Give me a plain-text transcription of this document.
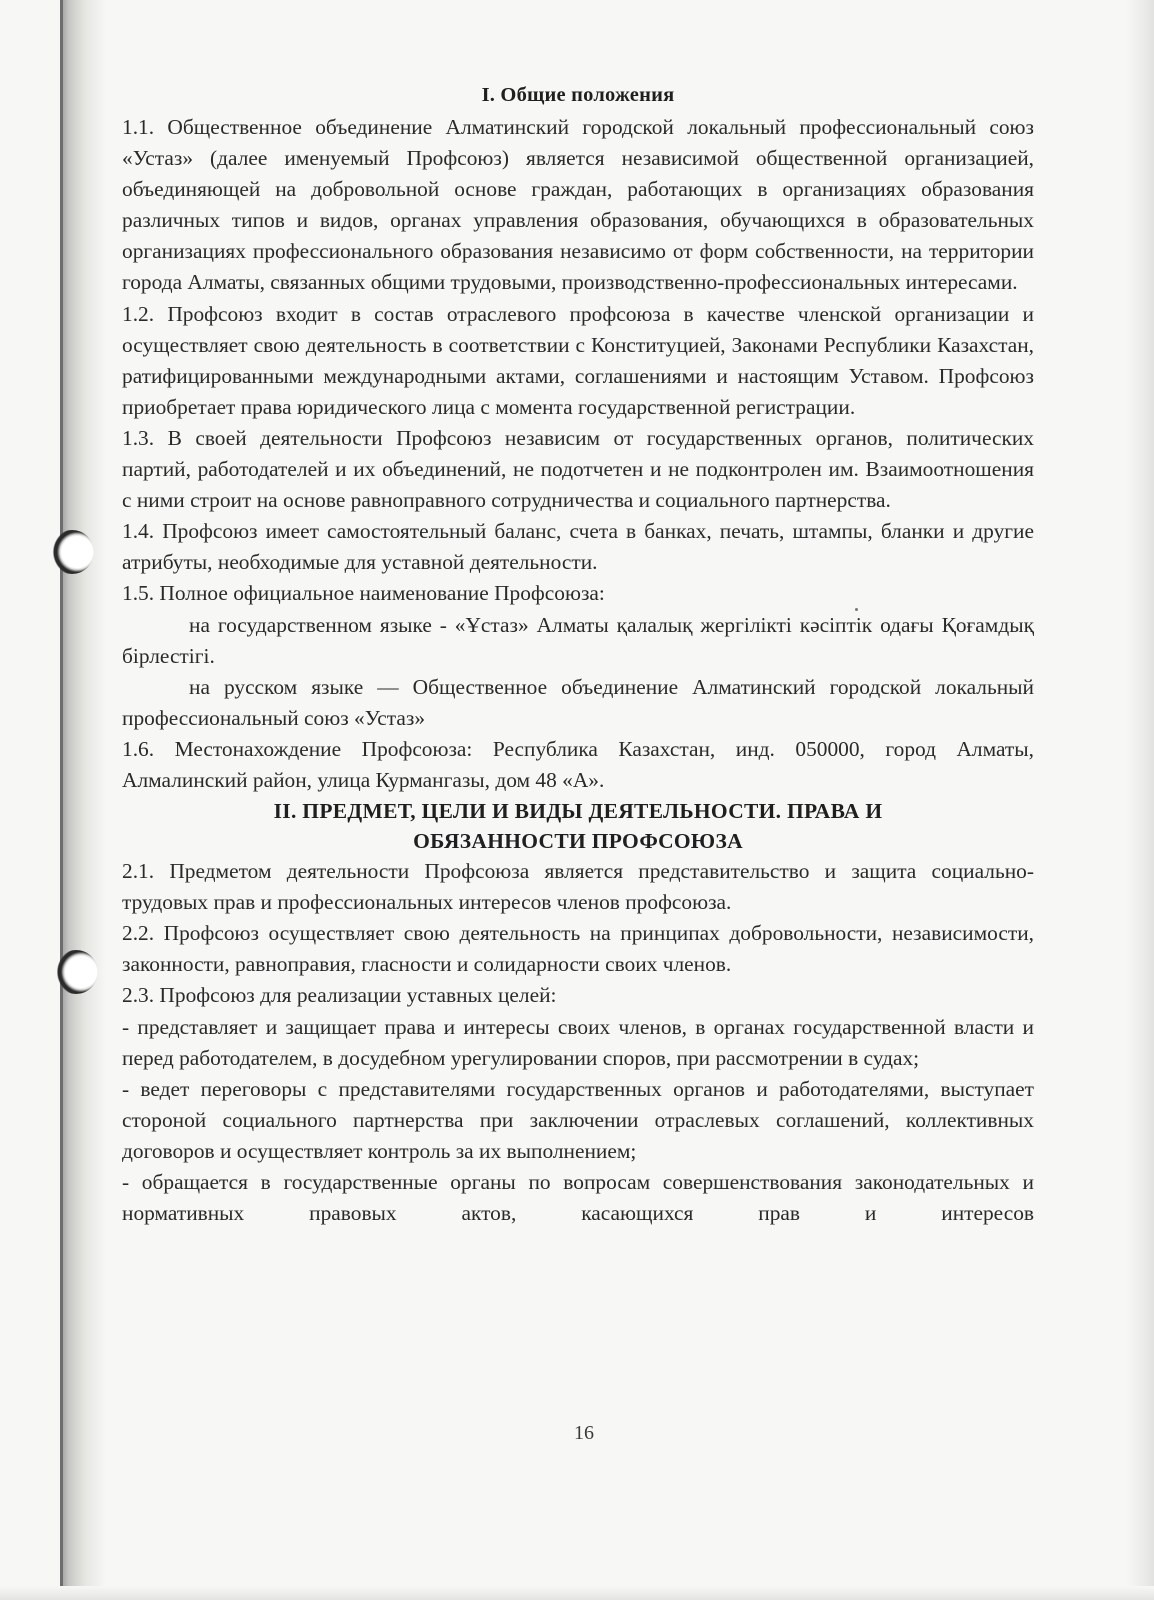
I. Общие положения

1.1. Общественное объединение Алматинский городской локальный профессиональный союз «Устаз» (далее именуемый Профсоюз) является независимой общественной организацией, объединяющей на добровольной основе граждан, работающих в организациях образования различных типов и видов, органах управления образования, обучающихся в образовательных организациях профессионального образования независимо от форм собственности, на территории города Алматы, связанных общими трудовыми, производственно-профессиональных интересами.

1.2. Профсоюз входит в состав отраслевого профсоюза в качестве членской организации и осуществляет свою деятельность в соответствии с Конституцией, Законами Республики Казахстан, ратифицированными международными актами, соглашениями и настоящим Уставом. Профсоюз приобретает права юридического лица с момента государственной регистрации.

1.3. В своей деятельности Профсоюз независим от государственных органов, политических партий, работодателей и их объединений, не подотчетен и не подконтролен им. Взаимоотношения с ними строит на основе равноправного сотрудничества и социального партнерства.

1.4. Профсоюз имеет самостоятельный баланс, счета в банках, печать, штампы, бланки и другие атрибуты, необходимые для уставной деятельности.

1.5. Полное официальное наименование Профсоюза:

на государственном языке - «Ұстаз» Алматы қалалық жергілікті кәсіптік одағы Қоғамдық бірлестігі.

на русском языке — Общественное объединение Алматинский городской локальный профессиональный союз «Устаз»

1.6. Местонахождение Профсоюза: Республика Казахстан, инд. 050000, город Алматы, Алмалинский район, улица Курмангазы, дом 48 «А».

II. ПРЕДМЕТ, ЦЕЛИ И ВИДЫ ДЕЯТЕЛЬНОСТИ. ПРАВА И
ОБЯЗАННОСТИ ПРОФСОЮЗА

2.1. Предметом деятельности Профсоюза является представительство и защита социально-трудовых прав и профессиональных интересов членов профсоюза.

2.2. Профсоюз осуществляет свою деятельность на принципах добровольности, независимости, законности, равноправия, гласности и солидарности своих членов.

2.3. Профсоюз для реализации уставных целей:

- представляет и защищает права и интересы своих членов, в органах государственной власти и перед работодателем, в досудебном урегулировании споров, при рассмотрении в судах;

- ведет переговоры с представителями государственных органов и работодателями, выступает стороной социального партнерства при заключении отраслевых соглашений, коллективных договоров и осуществляет контроль за их выполнением;

- обращается в государственные органы по вопросам совершенствования законодательных и нормативных правовых актов, касающихся прав и интересов

16
